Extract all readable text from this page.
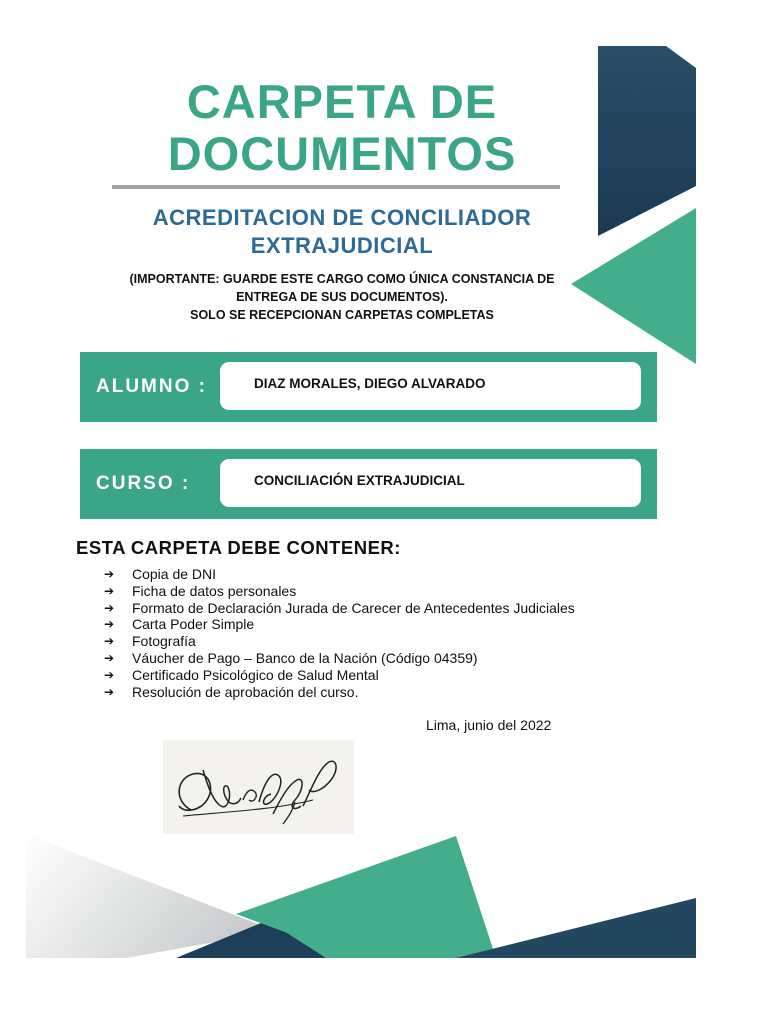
CARPETA DE
DOCUMENTOS
ACREDITACION DE CONCILIADOR
EXTRAJUDICIAL
(IMPORTANTE: GUARDE ESTE CARGO COMO ÚNICA CONSTANCIA DE
ENTREGA DE SUS DOCUMENTOS).
SOLO SE RECEPCIONAN CARPETAS COMPLETAS
ALUMNO :	DIAZ MORALES, DIEGO ALVARADO
CURSO :	CONCILIACIÓN EXTRAJUDICIAL
ESTA CARPETA DEBE CONTENER:
➔	Copia de DNI
➔	Ficha de datos personales
➔	Formato de Declaración Jurada de Carecer de Antecedentes Judiciales
➔	Carta Poder Simple
➔	Fotografía
➔	Váucher de Pago – Banco de la Nación (Código 04359)
➔	Certificado Psicológico de Salud Mental
➔	Resolución de aprobación del curso.
Lima, junio del 2022
